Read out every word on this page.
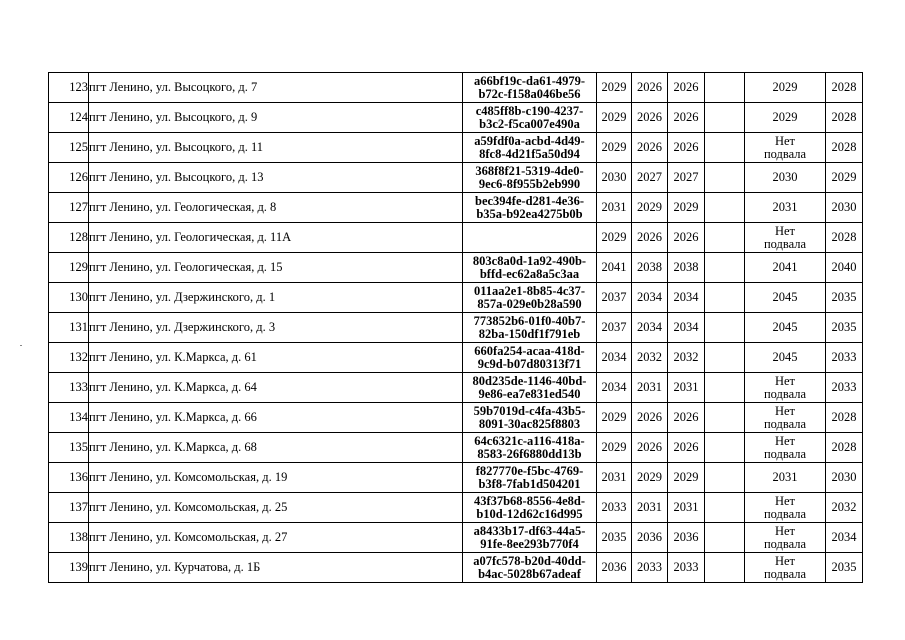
123	пгт Ленино, ул. Высоцкого, д. 7	a66bf19c-da61-4979-
b72c-f158a046be56	2029	2026	2026		2029	2028
124	пгт Ленино, ул. Высоцкого, д. 9	c485ff8b-c190-4237-
b3c2-f5ca007e490a	2029	2026	2026		2029	2028
125	пгт Ленино, ул. Высоцкого, д. 11	a59fdf0a-acbd-4d49-
8fc8-4d21f5a50d94	2029	2026	2026		Нет
подвала	2028
126	пгт Ленино, ул. Высоцкого, д. 13	368f8f21-5319-4de0-
9ec6-8f955b2eb990	2030	2027	2027		2030	2029
127	пгт Ленино, ул. Геологическая, д. 8	bec394fe-d281-4e36-
b35a-b92ea4275b0b	2031	2029	2029		2031	2030
128	пгт Ленино, ул. Геологическая, д. 11А		2029	2026	2026		Нет
подвала	2028
129	пгт Ленино, ул. Геологическая, д. 15	803c8a0d-1a92-490b-
bffd-ec62a8a5c3aa	2041	2038	2038		2041	2040
130	пгт Ленино, ул. Дзержинского, д. 1	011aa2e1-8b85-4c37-
857a-029e0b28a590	2037	2034	2034		2045	2035
131	пгт Ленино, ул. Дзержинского, д. 3	773852b6-01f0-40b7-
82ba-150df1f791eb	2037	2034	2034		2045	2035
132	пгт Ленино, ул. К.Маркса, д. 61	660fa254-acaa-418d-
9c9d-b07d80313f71	2034	2032	2032		2045	2033
133	пгт Ленино, ул. К.Маркса, д. 64	80d235de-1146-40bd-
9e86-ea7e831ed540	2034	2031	2031		Нет
подвала	2033
134	пгт Ленино, ул. К.Маркса, д. 66	59b7019d-c4fa-43b5-
8091-30ac825f8803	2029	2026	2026		Нет
подвала	2028
135	пгт Ленино, ул. К.Маркса, д. 68	64c6321c-a116-418a-
8583-26f6880dd13b	2029	2026	2026		Нет
подвала	2028
136	пгт Ленино, ул. Комсомольская, д. 19	f827770e-f5bc-4769-
b3f8-7fab1d504201	2031	2029	2029		2031	2030
137	пгт Ленино, ул. Комсомольская, д. 25	43f37b68-8556-4e8d-
b10d-12d62c16d995	2033	2031	2031		Нет
подвала	2032
138	пгт Ленино, ул. Комсомольская, д. 27	a8433b17-df63-44a5-
91fe-8ee293b770f4	2035	2036	2036		Нет
подвала	2034
139	пгт Ленино, ул. Курчатова, д. 1Б	a07fc578-b20d-40dd-
b4ac-5028b67adeaf	2036	2033	2033		Нет
подвала	2035
